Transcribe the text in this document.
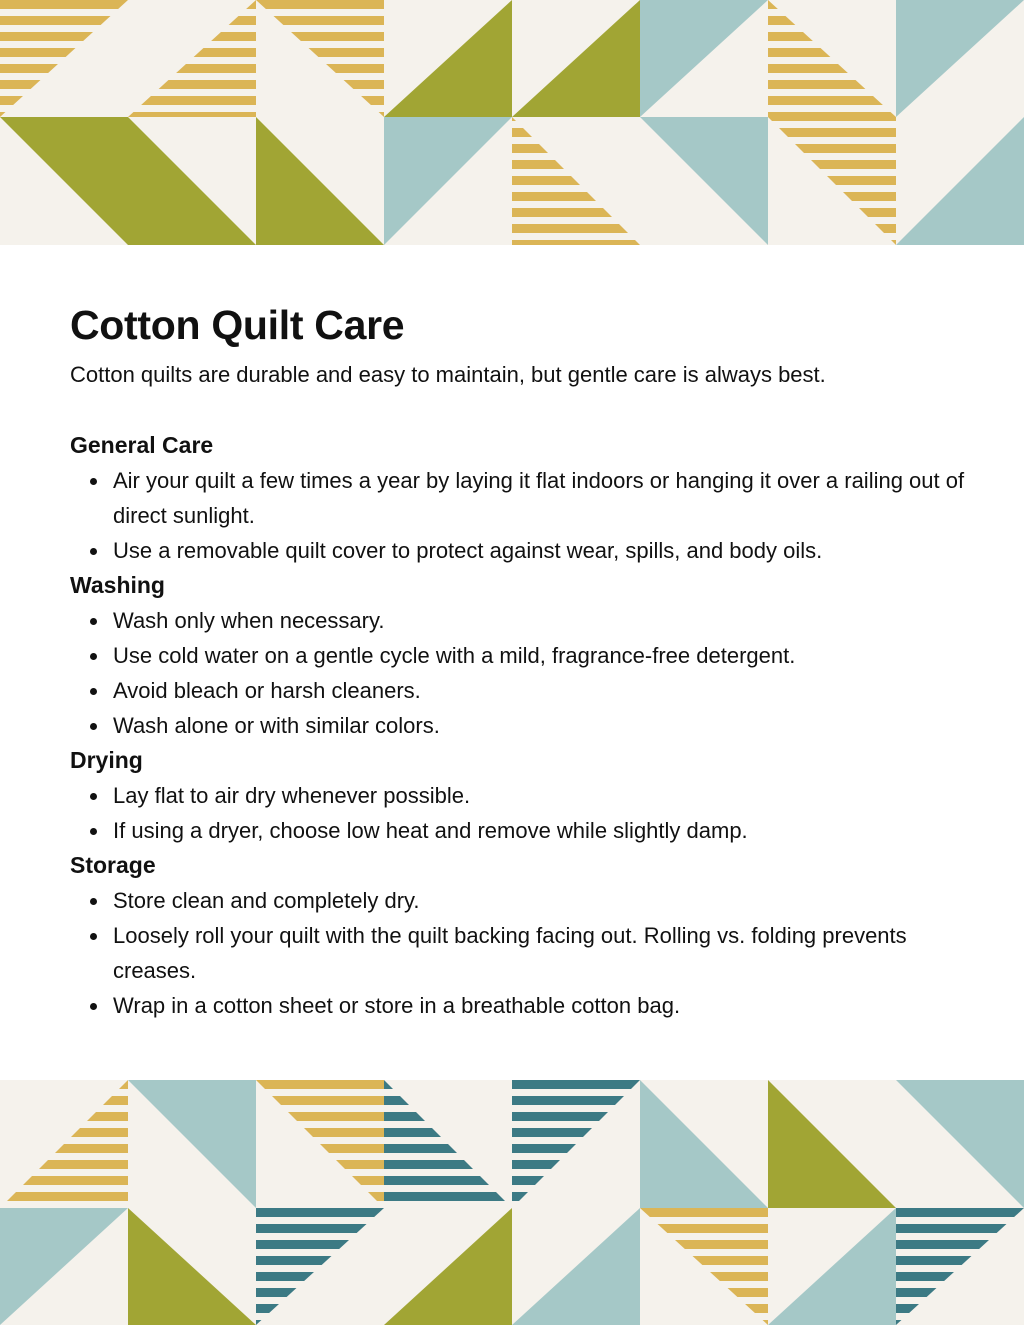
Cotton Quilt Care

Cotton quilts are durable and easy to maintain, but gentle care is always best.

General Care
Air your quilt a few times a year by laying it flat indoors or hanging it over a railing out of direct sunlight.
Use a removable quilt cover to protect against wear, spills, and body oils.
Washing
Wash only when necessary.
Use cold water on a gentle cycle with a mild, fragrance-free detergent.
Avoid bleach or harsh cleaners.
Wash alone or with similar colors.
Drying
Lay flat to air dry whenever possible.
If using a dryer, choose low heat and remove while slightly damp.
Storage
Store clean and completely dry.
Loosely roll your quilt with the quilt backing facing out. Rolling vs. folding prevents creases.
Wrap in a cotton sheet or store in a breathable cotton bag.
